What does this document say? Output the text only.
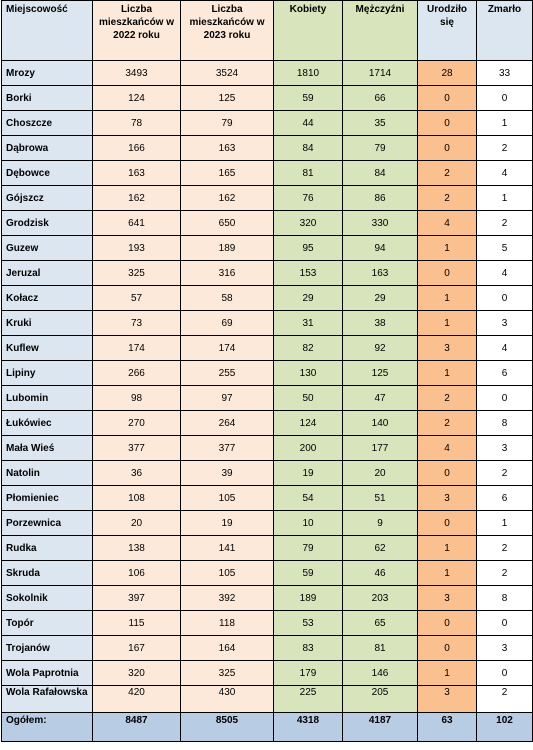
Miejscowość	Liczba mieszkańców w 2022 roku	Liczba mieszkańców w 2023 roku	Kobiety	Mężczyźni	Urodziło się	Zmarło
Mrozy	3493	3524	1810	1714	28	33
Borki	124	125	59	66	0	0
Choszcze	78	79	44	35	0	1
Dąbrowa	166	163	84	79	0	2
Dębowce	163	165	81	84	2	4
Gójszcz	162	162	76	86	2	1
Grodzisk	641	650	320	330	4	2
Guzew	193	189	95	94	1	5
Jeruzal	325	316	153	163	0	4
Kołacz	57	58	29	29	1	0
Kruki	73	69	31	38	1	3
Kuflew	174	174	82	92	3	4
Lipiny	266	255	130	125	1	6
Lubomin	98	97	50	47	2	0
Łukówiec	270	264	124	140	2	8
Mała Wieś	377	377	200	177	4	3
Natolin	36	39	19	20	0	2
Płomieniec	108	105	54	51	3	6
Porzewnica	20	19	10	9	0	1
Rudka	138	141	79	62	1	2
Skruda	106	105	59	46	1	2
Sokolnik	397	392	189	203	3	8
Topór	115	118	53	65	0	0
Trojanów	167	164	83	81	0	3
Wola Paprotnia	320	325	179	146	1	0
Wola Rafałowska	420	430	225	205	3	2
Ogółem:	8487	8505	4318	4187	63	102
